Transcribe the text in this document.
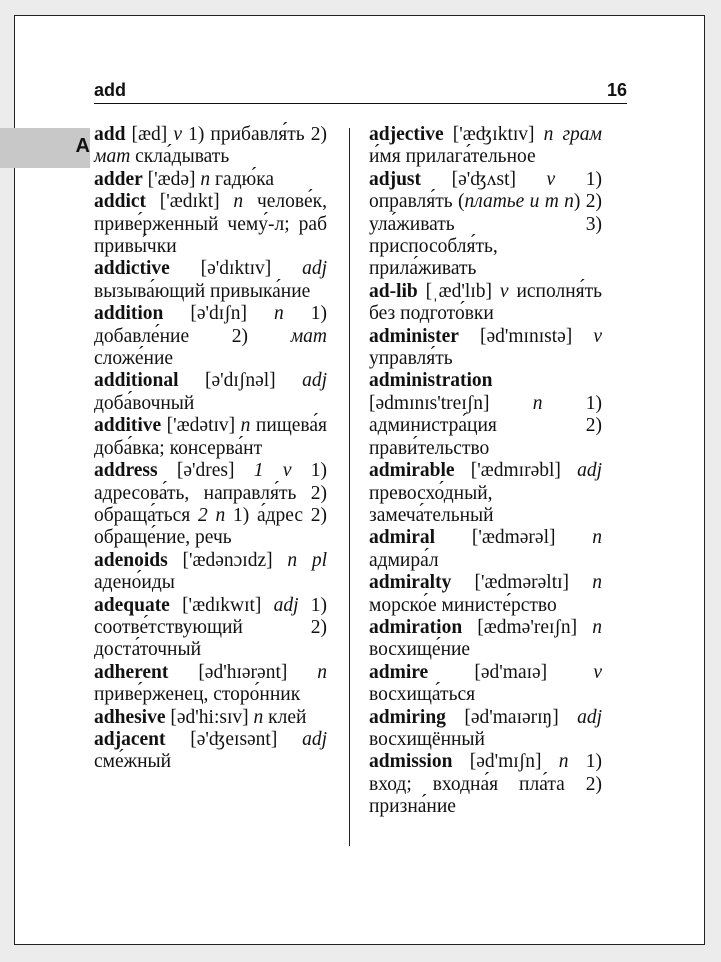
add	16
A
add [æd] v 1) прибавля́ть 2) мат скла́дывать
adder ['ædə] n гадю́ка
addict ['ædɪkt] n челове́к, приве́рженный чему́-л; раб привы́чки
addictive [ə'dɪktɪv] adj вызыва́ющий привыка́ние
addition [ə'dɪʃn] n 1) добавле́ние 2) мат сложе́ние
additional [ə'dɪʃnəl] adj доба́вочный
additive ['ædətɪv] n пищева́я доба́вка; консерва́нт
address [ə'dres] 1 v 1) адресова́ть, направля́ть 2) обраща́ться 2 n 1) а́дрес 2) обраще́ние, речь
adenoids ['ædənɔɪdz] n pl адено́иды
adequate ['ædɪkwɪt] adj 1) соотве́тствующий 2) доста́точный
adherent [əd'hɪərənt] n приве́рженец, сторо́нник
adhesive [əd'hi:sɪv] n клей
adjacent [ə'ʤeɪsənt] adj сме́жный
adjective ['æʤɪktɪv] n грам и́мя прилага́тельное
adjust [ə'ʤʌst] v 1) оправля́ть (платье и т п) 2) ула́живать 3) приспособля́ть, прила́живать
ad-lib [ˌæd'lɪb] v исполня́ть без подгото́вки
administer [əd'mɪnɪstə] v управля́ть
administration [ədmɪnɪs'treɪʃn] n 1) администра́ция 2) прави́тельство
admirable ['ædmɪrəbl] adj превосхо́дный, замеча́тельный
admiral ['ædmərəl] n адмира́л
admiralty ['ædmərəltɪ] n морско́е министе́рство
admiration [ædmə'reɪʃn] n восхище́ние
admire [əd'maɪə] v восхища́ться
admiring [əd'maɪərɪŋ] adj восхищённый
admission [əd'mɪʃn] n 1) вход; входна́я пла́та 2) призна́ние
